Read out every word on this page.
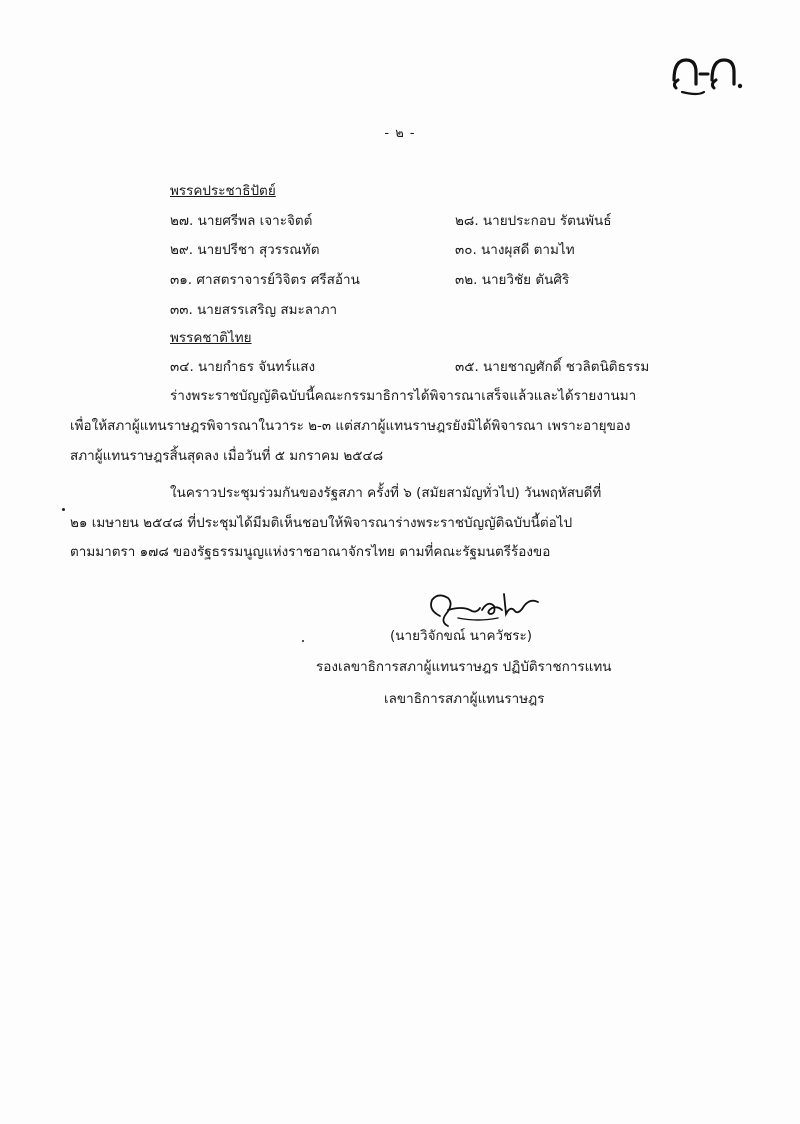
- ๒ -
พรรคประชาธิปัตย์
๒๗. นายศรีพล เจาะจิตต์	๒๘. นายประกอบ รัตนพันธ์
๒๙. นายปรีชา สุวรรณทัต	๓๐. นางผุสดี ตามไท
๓๑. ศาสตราจารย์วิจิตร ศรีสอ้าน	๓๒. นายวิชัย ตันศิริ
๓๓. นายสรรเสริญ สมะลาภา
พรรคชาติไทย
๓๔. นายกำธร จันทร์แสง	๓๕. นายชาญศักดิ์ ชวลิตนิติธรรม
ร่างพระราชบัญญัติฉบับนี้คณะกรรมาธิการได้พิจารณาเสร็จแล้วและได้รายงานมา
เพื่อให้สภาผู้แทนราษฎรพิจารณาในวาระ ๒-๓ แต่สภาผู้แทนราษฎรยังมิได้พิจารณา เพราะอายุของ
สภาผู้แทนราษฎรสิ้นสุดลง เมื่อวันที่ ๕ มกราคม ๒๕๔๘
ในคราวประชุมร่วมกันของรัฐสภา ครั้งที่ ๖ (สมัยสามัญทั่วไป) วันพฤหัสบดีที่
๒๑ เมษายน ๒๕๔๘ ที่ประชุมได้มีมติเห็นชอบให้พิจารณาร่างพระราชบัญญัติฉบับนี้ต่อไป
ตามมาตรา ๑๗๘ ของรัฐธรรมนูญแห่งราชอาณาจักรไทย ตามที่คณะรัฐมนตรีร้องขอ
(นายวิจักขณ์ นาควัชระ)
รองเลขาธิการสภาผู้แทนราษฎร ปฏิบัติราชการแทน
เลขาธิการสภาผู้แทนราษฎร
